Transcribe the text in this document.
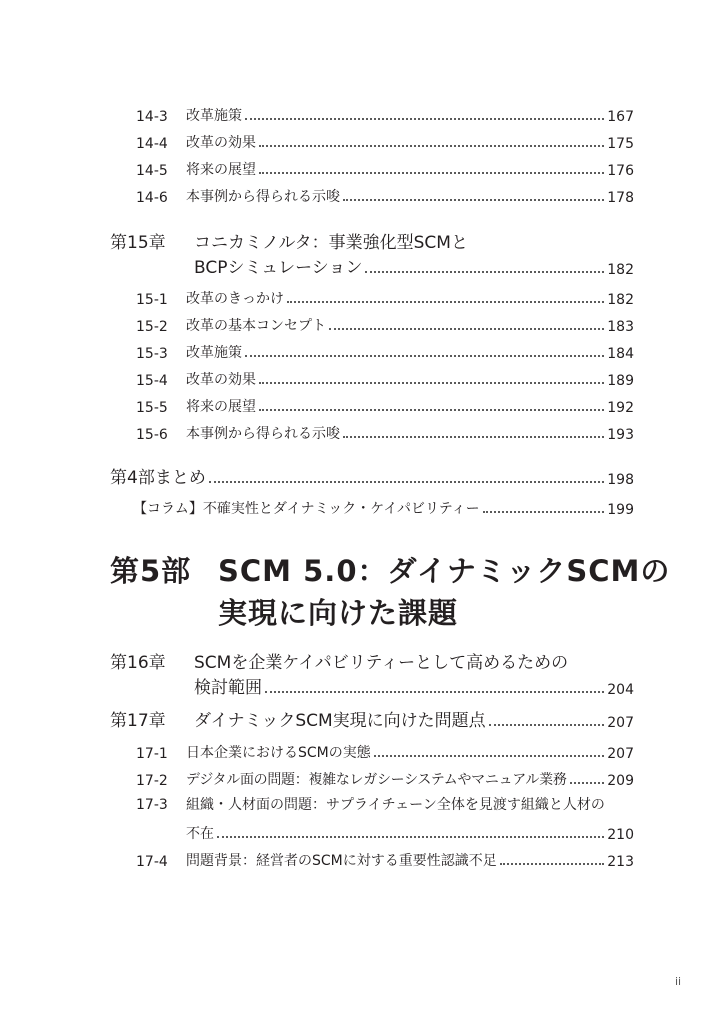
14-3	改革施策	167
14-4	改革の効果	175
14-5	将来の展望	176
14-6	本事例から得られる示唆	178
第15章 コニカミノルタ：事業強化型SCMと
BCPシミュレーション	182
15-1	改革のきっかけ	182
15-2	改革の基本コンセプト	183
15-3	改革施策	184
15-4	改革の効果	189
15-5	将来の展望	192
15-6	本事例から得られる示唆	193
第4部まとめ	198
【コラム】不確実性とダイナミック・ケイパビリティー	199
第5部 SCM 5.0：ダイナミックSCMの
実現に向けた課題
第16章 SCMを企業ケイパビリティーとして高めるための
検討範囲	204
第17章	ダイナミックSCM実現に向けた問題点	207
17-1	日本企業におけるSCMの実態	207
17-2	デジタル面の問題：複雑なレガシーシステムやマニュアル業務	209
17-3 組織・人材面の問題：サプライチェーン全体を見渡す組織と人材の
不在	210
17-4	問題背景：経営者のSCMに対する重要性認識不足	213
ii
